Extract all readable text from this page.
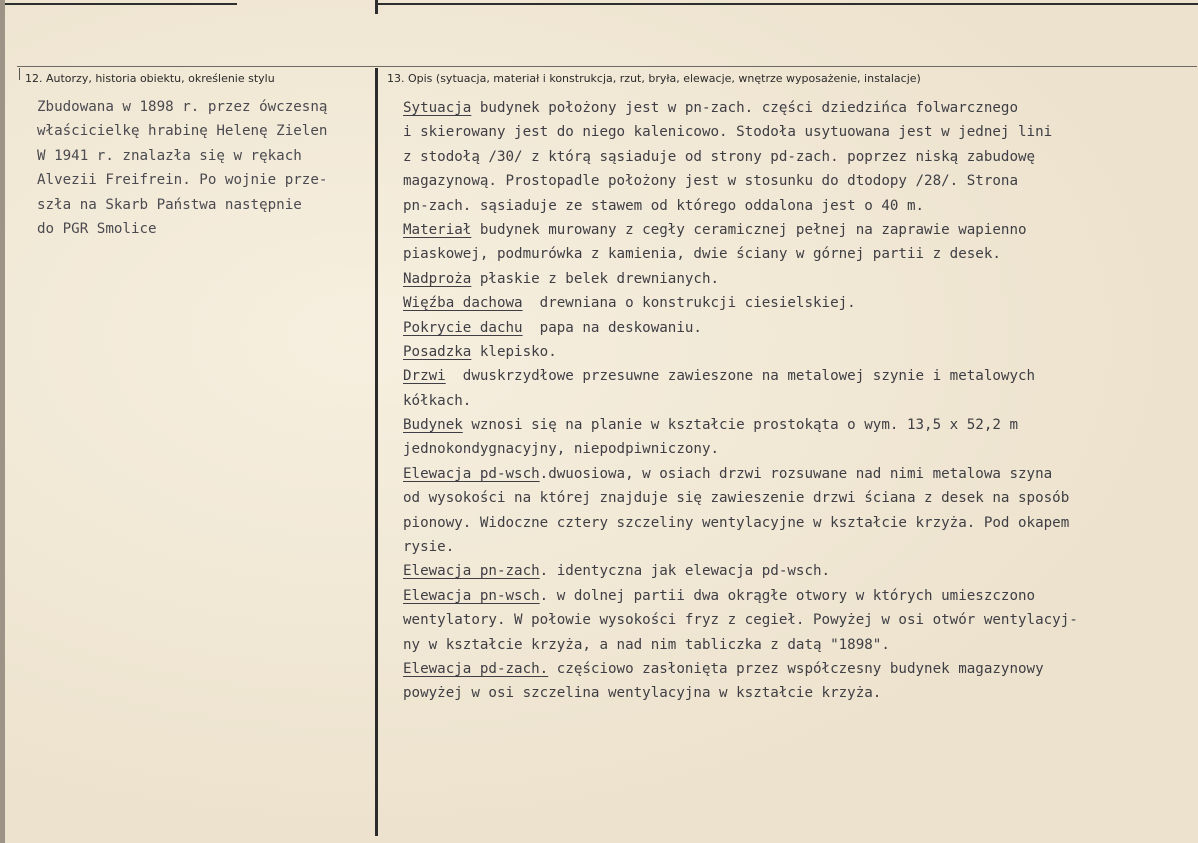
12. Autorzy, historia obiektu, określenie stylu	13. Opis (sytuacja, materiał i konstrukcja, rzut, bryła, elewacje, wnętrze wyposażenie, instalacje)
Zbudowana w 1898 r. przez ówczesną
właścicielkę hrabinę Helenę Zielen
W 1941 r. znalazła się w rękach
Alvezii Freifrein. Po wojnie prze-
szła na Skarb Państwa następnie
do PGR Smolice
Sytuacja budynek położony jest w pn-zach. części dziedzińca folwarcznego
i skierowany jest do niego kalenicowo. Stodoła usytuowana jest w jednej lini
z stodołą /30/ z którą sąsiaduje od strony pd-zach. poprzez niską zabudowę
magazynową. Prostopadle położony jest w stosunku do dtodopy /28/. Strona
pn-zach. sąsiaduje ze stawem od którego oddalona jest o 40 m.
Materiał budynek murowany z cegły ceramicznej pełnej na zaprawie wapienno
piaskowej, podmurówka z kamienia, dwie ściany w górnej partii z desek.
Nadproża płaskie z belek drewnianych.
Więźba dachowa  drewniana o konstrukcji ciesielskiej.
Pokrycie dachu  papa na deskowaniu.
Posadzka klepisko.
Drzwi  dwuskrzydłowe przesuwne zawieszone na metalowej szynie i metalowych
kółkach.
Budynek wznosi się na planie w kształcie prostokąta o wym. 13,5 x 52,2 m
jednokondygnacyjny, niepodpiwniczony.
Elewacja pd-wsch.dwuosiowa, w osiach drzwi rozsuwane nad nimi metalowa szyna
od wysokości na której znajduje się zawieszenie drzwi ściana z desek na sposób
pionowy. Widoczne cztery szczeliny wentylacyjne w kształcie krzyża. Pod okapem
rysie.
Elewacja pn-zach. identyczna jak elewacja pd-wsch.
Elewacja pn-wsch. w dolnej partii dwa okrągłe otwory w których umieszczono
wentylatory. W połowie wysokości fryz z cegieł. Powyżej w osi otwór wentylacyj-
ny w kształcie krzyża, a nad nim tabliczka z datą "1898".
Elewacja pd-zach. częściowo zasłonięta przez współczesny budynek magazynowy
powyżej w osi szczelina wentylacyjna w kształcie krzyża.
